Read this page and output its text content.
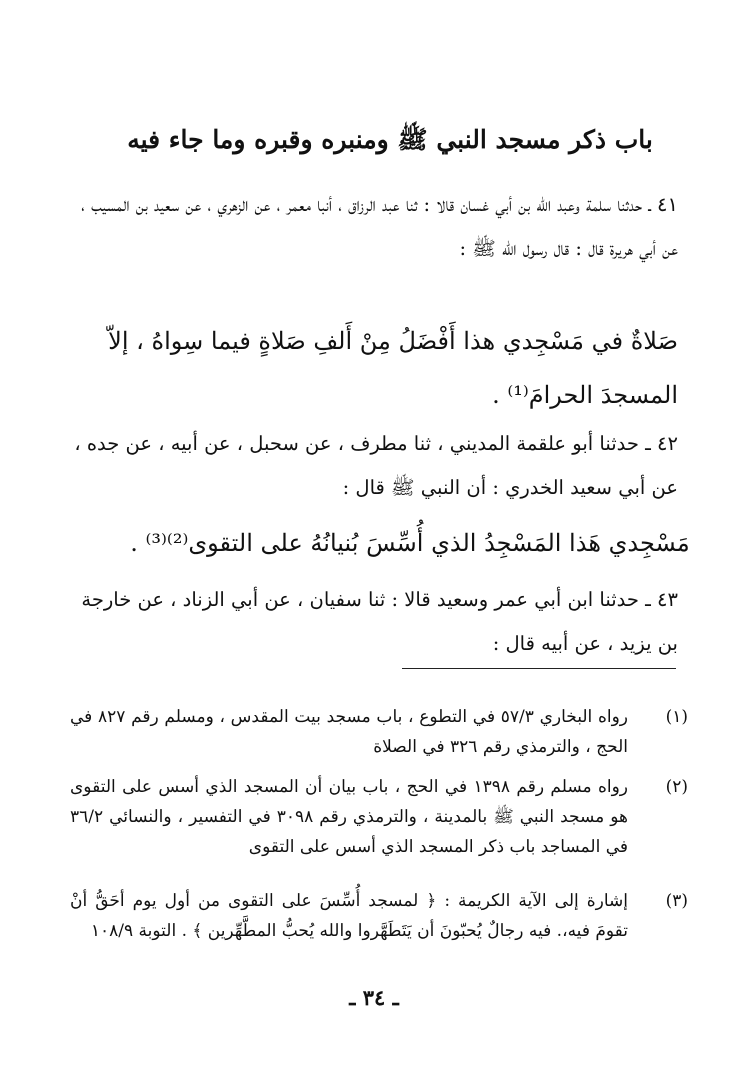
باب ذكر مسجد النبي ﷺ ومنبره وقبره وما جاء فيه
٤١ ـ حدثنا سلمة وعبد الله بن أبي غسان قالا : ثنا عبد الرزاق ، أنبا معمر ، عن الزهري ، عن سعيد بن المسيب ، عن أبي هريرة قال : قال رسول الله ﷺ :
صَلاةٌ في مَسْجِدي هذا أَفْضَلُ مِنْ أَلفِ صَلاةٍ فيما سِواهُ ، إلاّ المسجدَ الحرامَ⁽¹⁾ .
٤٢ ـ حدثنا أبو علقمة المديني ، ثنا مطرف ، عن سحبل ، عن أبيه ، عن جده ، عن أبي سعيد الخدري : أن النبي ﷺ قال :
مَسْجِدي هَذا المَسْجِدُ الذي أُسِّسَ بُنيانُهُ على التقوى⁽²⁾⁽³⁾ .
٤٣ ـ حدثنا ابن أبي عمر وسعيد قالا : ثنا سفيان ، عن أبي الزناد ، عن خارجة بن يزيد ، عن أبيه قال :
(١)
رواه البخاري ٥٧/٣ في التطوع ، باب مسجد بيت المقدس ، ومسلم رقم ٨٢٧ في الحج ، والترمذي رقم ٣٢٦ في الصلاة
(٢)
رواه مسلم رقم ١٣٩٨ في الحج ، باب بيان أن المسجد الذي أسس على التقوى هو مسجد النبي ﷺ بالمدينة ، والترمذي رقم ٣٠٩٨ في التفسير ، والنسائي ٣٦/٢ في المساجد باب ذكر المسجد الذي أسس على التقوى
(٣)
إشارة إلى الآية الكريمة : ﴿ لمسجد أُسِّسَ على التقوى من أول يوم أحَقُّ أنْ تقومَ فيه،. فيه رجالٌ يُحبّونَ أن يَتَطَهَّروا والله يُحبُّ المطَّهِّرين ﴾ . التوبة ١٠٨/٩
ـ ٣٤ ـ
